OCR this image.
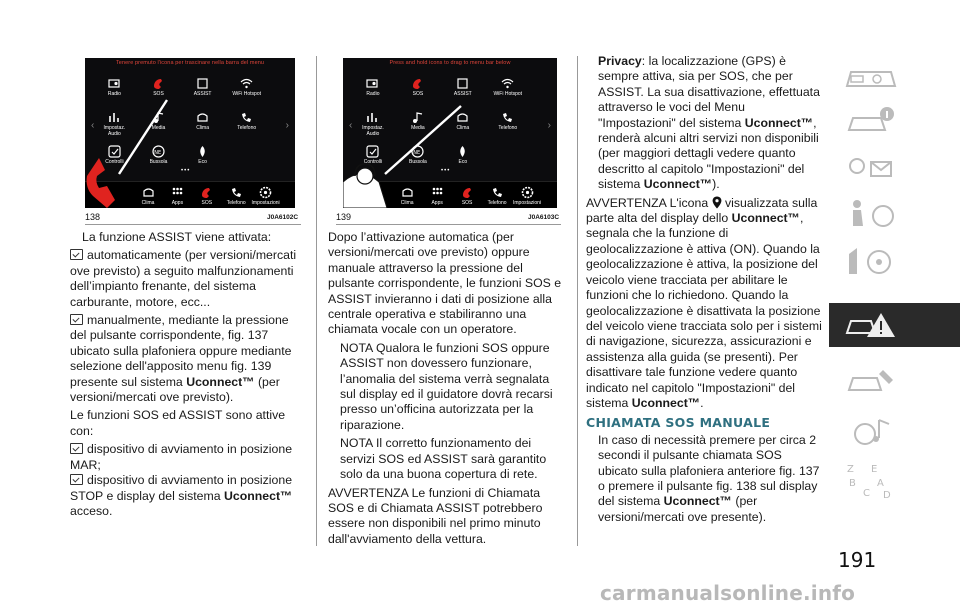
Tenere premuto l'icona per trascinare nella barra del menu
‹	›
•••
Radio	SOS	ASSIST	WiFi Hotspot
Impostaz. Audio
Media	Clima	Telefono
Controlli
NE
Bussola	Eco
Clima	Apps	SOS	Telefono	Impostazioni
138	J0A6102C
Press and hold icons to drag to menu bar below
‹	›
•••
Radio	SOS	ASSIST	WiFi Hotspot
Impostaz. Audio
Media	Clima	Telefono
Controlli
NE
Bussola	Eco
Clima	Apps	SOS	Telefono	Impostazioni
139	J0A6103C

La funzione ASSIST viene attivata:

automaticamente (per versioni/mercati ove previsto) a seguito malfunzionamenti dell’impianto frenante, del sistema carburante, motore, ecc...

manualmente, mediante la pressione del pulsante corrispondente, fig. 137 ubicato sulla plafoniera oppure mediante selezione dell'apposito menu fig. 139 presente sul sistema Uconnect™ (per versioni/mercati ove previsto).

Le funzioni SOS ed ASSIST sono attive con:

dispositivo di avviamento in posizione MAR;

dispositivo di avviamento in posizione STOP e display del sistema Uconnect™ acceso.

Dopo l’attivazione automatica (per versioni/mercati ove previsto) oppure manuale attraverso la pressione del pulsante corrispondente, le funzioni SOS e ASSIST invieranno i dati di posizione alla centrale operativa e stabiliranno una chiamata vocale con un operatore.

NOTA Qualora le funzioni SOS oppure ASSIST non dovessero funzionare, l’anomalia del sistema verrà segnalata sul display ed il guidatore dovrà recarsi presso un’officina autorizzata per la riparazione.

NOTA Il corretto funzionamento dei servizi SOS ed ASSIST sarà garantito solo da una buona copertura di rete.

AVVERTENZA Le funzioni di Chiamata SOS e di Chiamata ASSIST potrebbero essere non disponibili nel primo minuto dall'avviamento della vettura.

Privacy: la localizzazione (GPS) è sempre attiva, sia per SOS, che per ASSIST. La sua disattivazione, effettuata attraverso le voci del Menu "Impostazioni" del sistema Uconnect™, renderà alcuni altri servizi non disponibili (per maggiori dettagli vedere quanto descritto al capitolo "Impostazioni" del sistema Uconnect™).

AVVERTENZA L'icona  visualizzata sulla parte alta del display dello Uconnect™, segnala che la funzione di geolocalizzazione è attiva (ON). Quando la geolocalizzazione è attiva, la posizione del veicolo viene tracciata per abilitare le funzioni che lo richiedono. Quando la geolocalizzazione è disattivata la posizione del veicolo viene tracciata solo per i sistemi di navigazione, sicurezza, assicurazioni e assistenza alla guida (se presenti). Per disattivare tale funzione vedere quanto indicato nel capitolo "Impostazioni" del sistema Uconnect™.

CHIAMATA SOS MANUALE

In caso di necessità premere per circa 2 secondi il pulsante chiamata SOS ubicato sulla plafoniera anteriore fig. 137 o premere il pulsante fig. 138 sul display del sistema Uconnect™ (per versioni/mercati ove presente).

Z E
B
C
A
D
191
carmanualsonline.info
